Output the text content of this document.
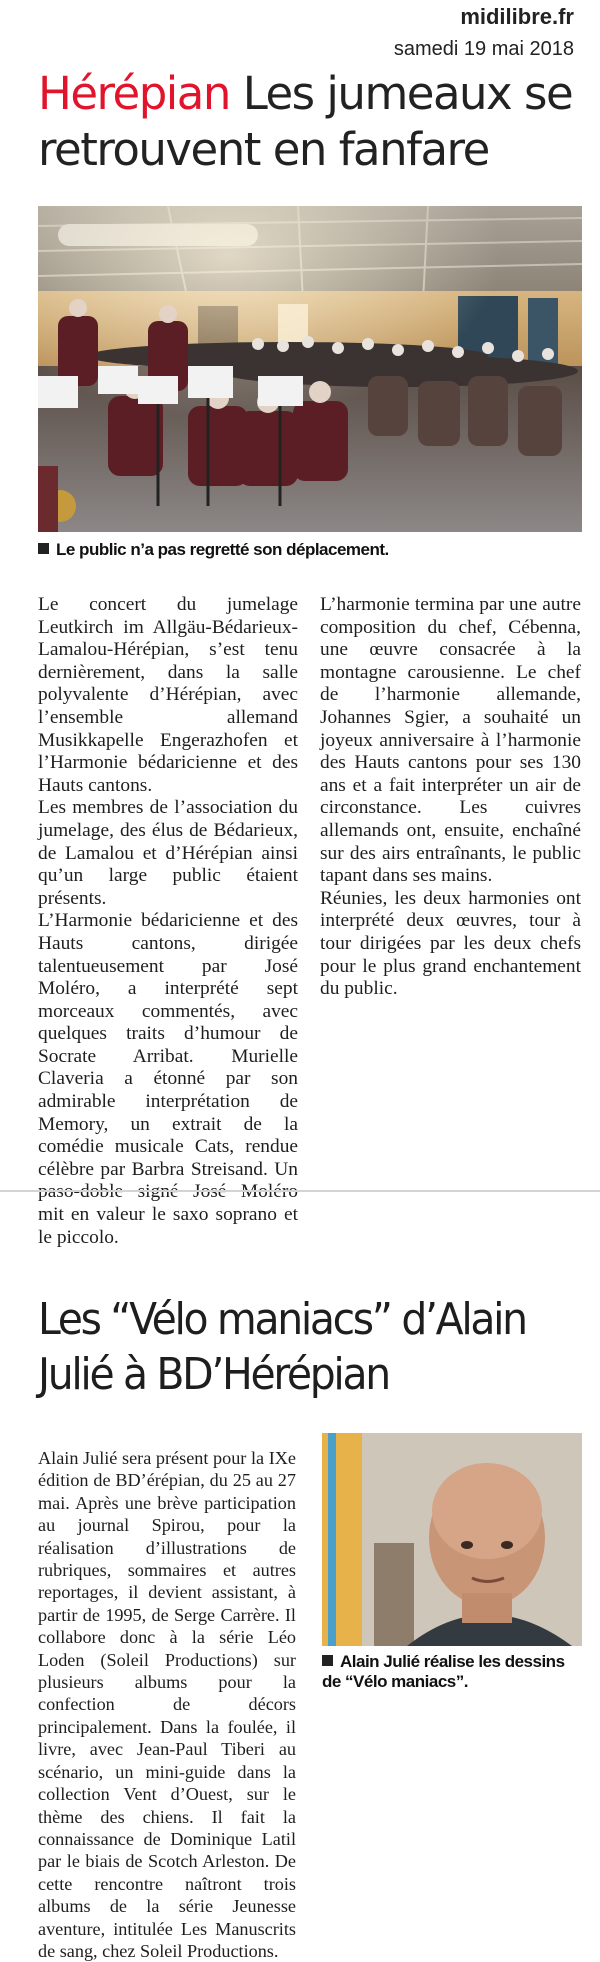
midilibre.fr
samedi 19 mai 2018
Hérépian Les jumeaux se retrouvent en fanfare
Le public n’a pas regretté son déplacement.

Le concert du jumelage Leutkirch im Allgäu-Bédarieux-Lamalou-Hérépian, s’est tenu dernièrement, dans la salle polyvalente d’Hérépian, avec l’ensemble allemand Musikkapelle Engerazhofen et l’Harmonie bédaricienne et des Hauts cantons.

Les membres de l’association du jumelage, des élus de Bédarieux, de Lamalou et d’Hérépian ainsi qu’un large public étaient présents.

L’Harmonie bédaricienne et des Hauts cantons, dirigée talentueusement par José Moléro, a interprété sept morceaux commentés, avec quelques traits d’humour de Socrate Arribat. Murielle Claveria a étonné par son admirable interprétation de Memory, un extrait de la comédie musicale Cats, rendue célèbre par Barbra Streisand. Un mit en valeur le saxo soprano et le piccolo.

L’harmonie termina par une autre composition du chef, Cébenna, une œuvre consacrée à la montagne carousienne. Le chef de l’harmonie allemande, Johannes Sgier, a souhaité un joyeux anniversaire à l’harmonie des Hauts cantons pour ses 130 ans et a fait interpréter un air de circonstance. Les cuivres allemands ont, ensuite, enchaîné sur des airs entraînants, le public tapant dans ses mains.

Réunies, les deux harmonies ont interprété deux œuvres, tour à tour dirigées par les deux chefs pour le plus grand enchantement du public.

Les “Vélo maniacs” d’Alain Julié à BD’Hérépian

Alain Julié sera présent pour la IXe édition de BD’érépian, du 25 au 27 mai. Après une brève participation au journal Spirou, pour la réalisation d’illustrations de rubriques, sommaires et autres reportages, il devient assistant, à partir de 1995, de Serge Carrère. Il collabore donc à la série Léo Loden (Soleil Productions) sur plusieurs albums pour la confection de décors principalement. Dans la foulée, il livre, avec Jean-Paul Tiberi au scénario, un mini-guide dans la collection Vent d’Ouest, sur le thème des chiens. Il fait la connaissance de Dominique Latil par le biais de Scotch Arleston. De cette rencontre naîtront trois albums de la série Jeunesse aventure, intitulée Les Manuscrits de sang, chez Soleil Productions.

Alain Julié réalise les dessins de “Vélo maniacs”.
